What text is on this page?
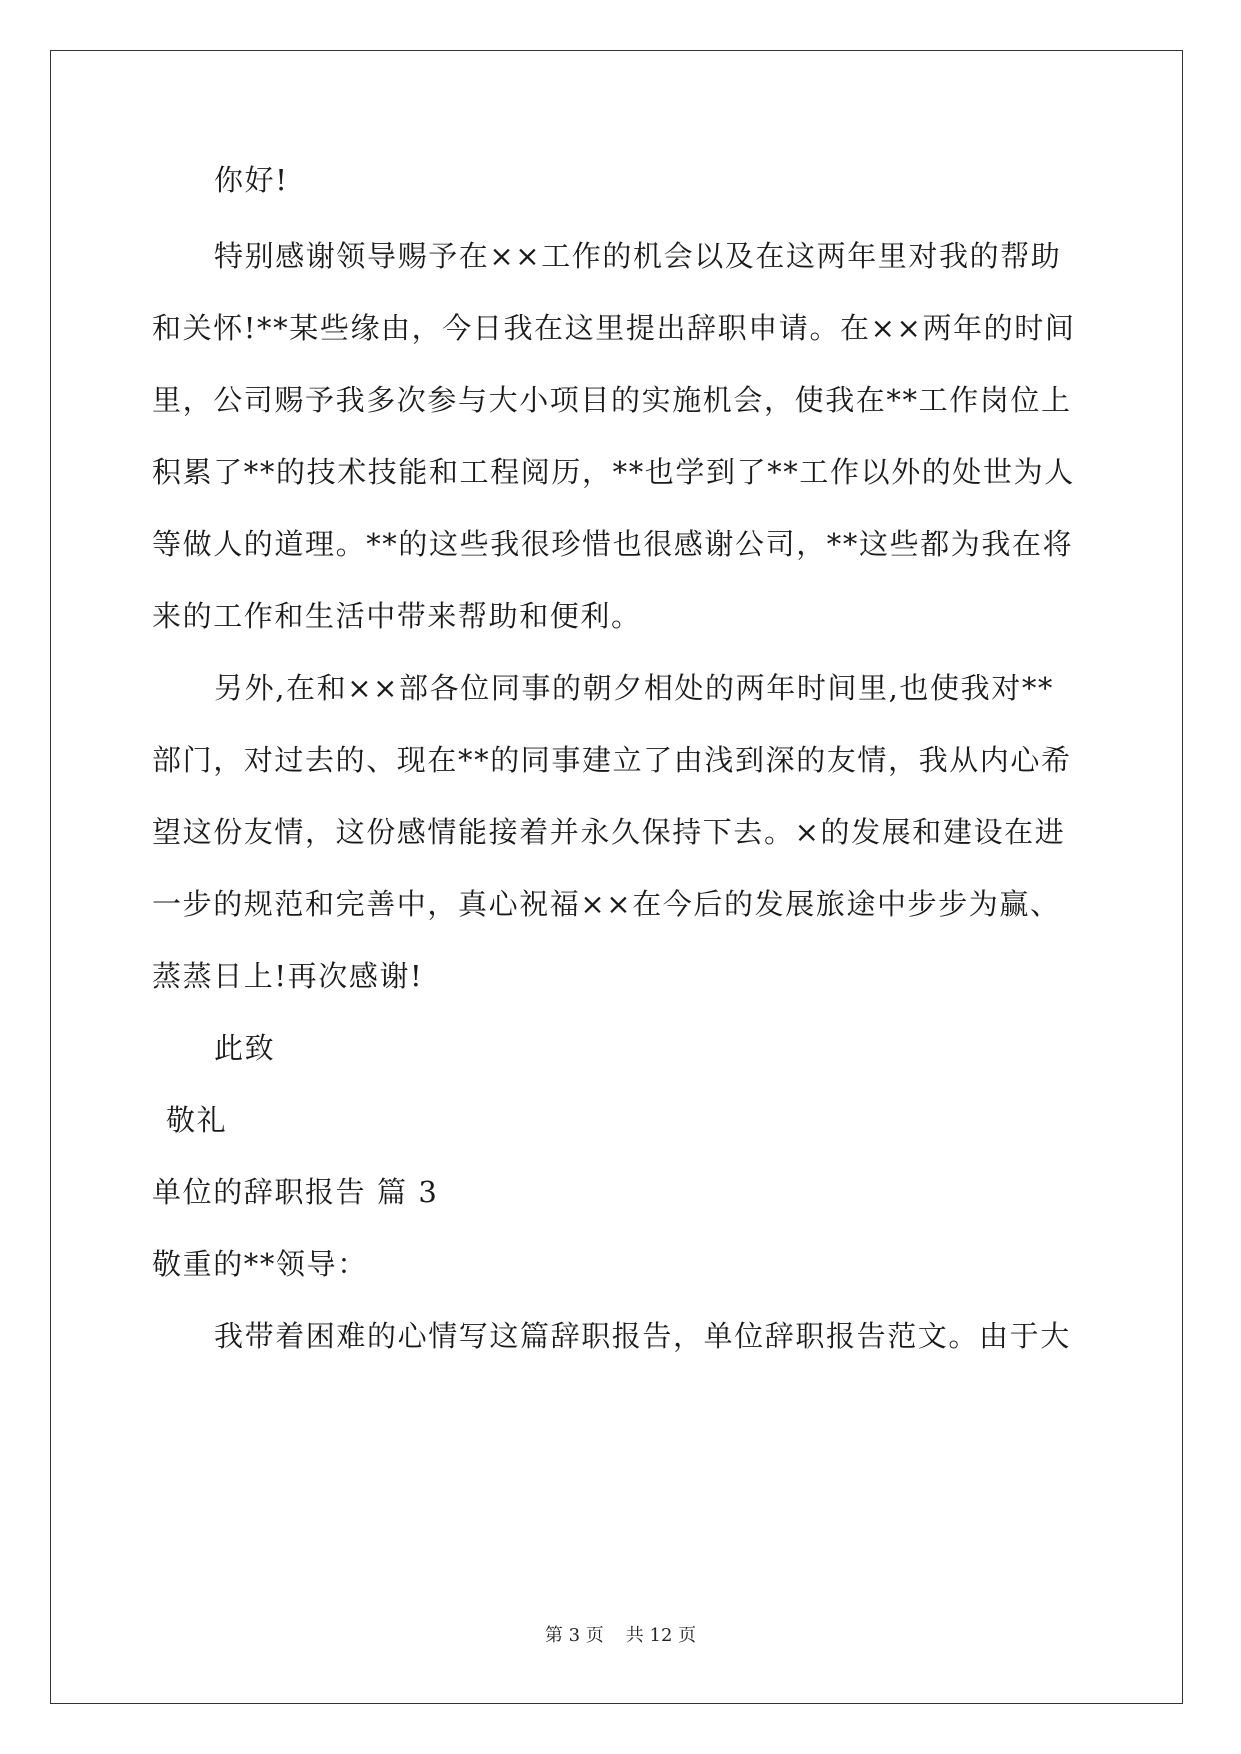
你好!
特别感谢领导赐予在××工作的机会以及在这两年里对我的帮助
和关怀!**某些缘由，今日我在这里提出辞职申请。在××两年的时间
里，公司赐予我多次参与大小项目的实施机会，使我在**工作岗位上
积累了**的技术技能和工程阅历，**也学到了**工作以外的处世为人
等做人的道理。**的这些我很珍惜也很感谢公司，**这些都为我在将
来的工作和生活中带来帮助和便利。
另外,在和××部各位同事的朝夕相处的两年时间里,也使我对**
部门，对过去的、现在**的同事建立了由浅到深的友情，我从内心希
望这份友情，这份感情能接着并永久保持下去。×的发展和建设在进
一步的规范和完善中，真心祝福××在今后的发展旅途中步步为赢、
蒸蒸日上!再次感谢!
此致
敬礼
单位的辞职报告 篇 3
敬重的**领导：
我带着困难的心情写这篇辞职报告，单位辞职报告范文。由于大
第 3 页 共 12 页
